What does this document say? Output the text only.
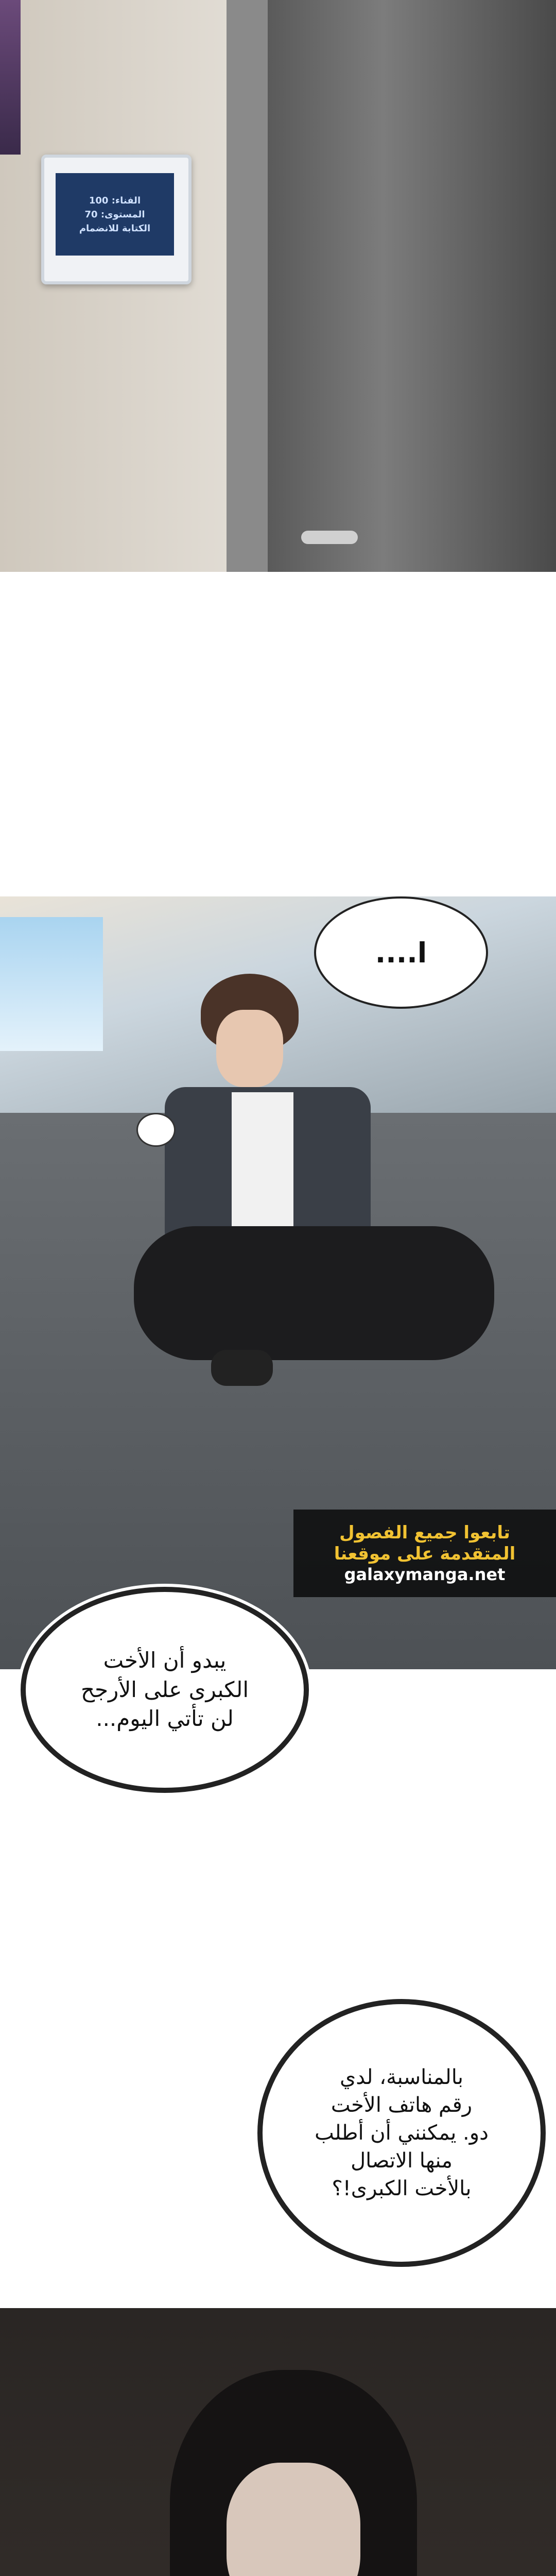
الفناء: 100
المستوى: 70
الكتابة للانضمام
ا....
تابعوا جميع الفصول
المتقدمة على موقعنا
galaxymanga.net
يبدو أن الأخت
الكبرى على الأرجح
لن تأتي اليوم...
بالمناسبة، لدي
رقم هاتف الأخت
دو. يمكنني أن أطلب
منها الاتصال
بالأخت الكبرى!؟
